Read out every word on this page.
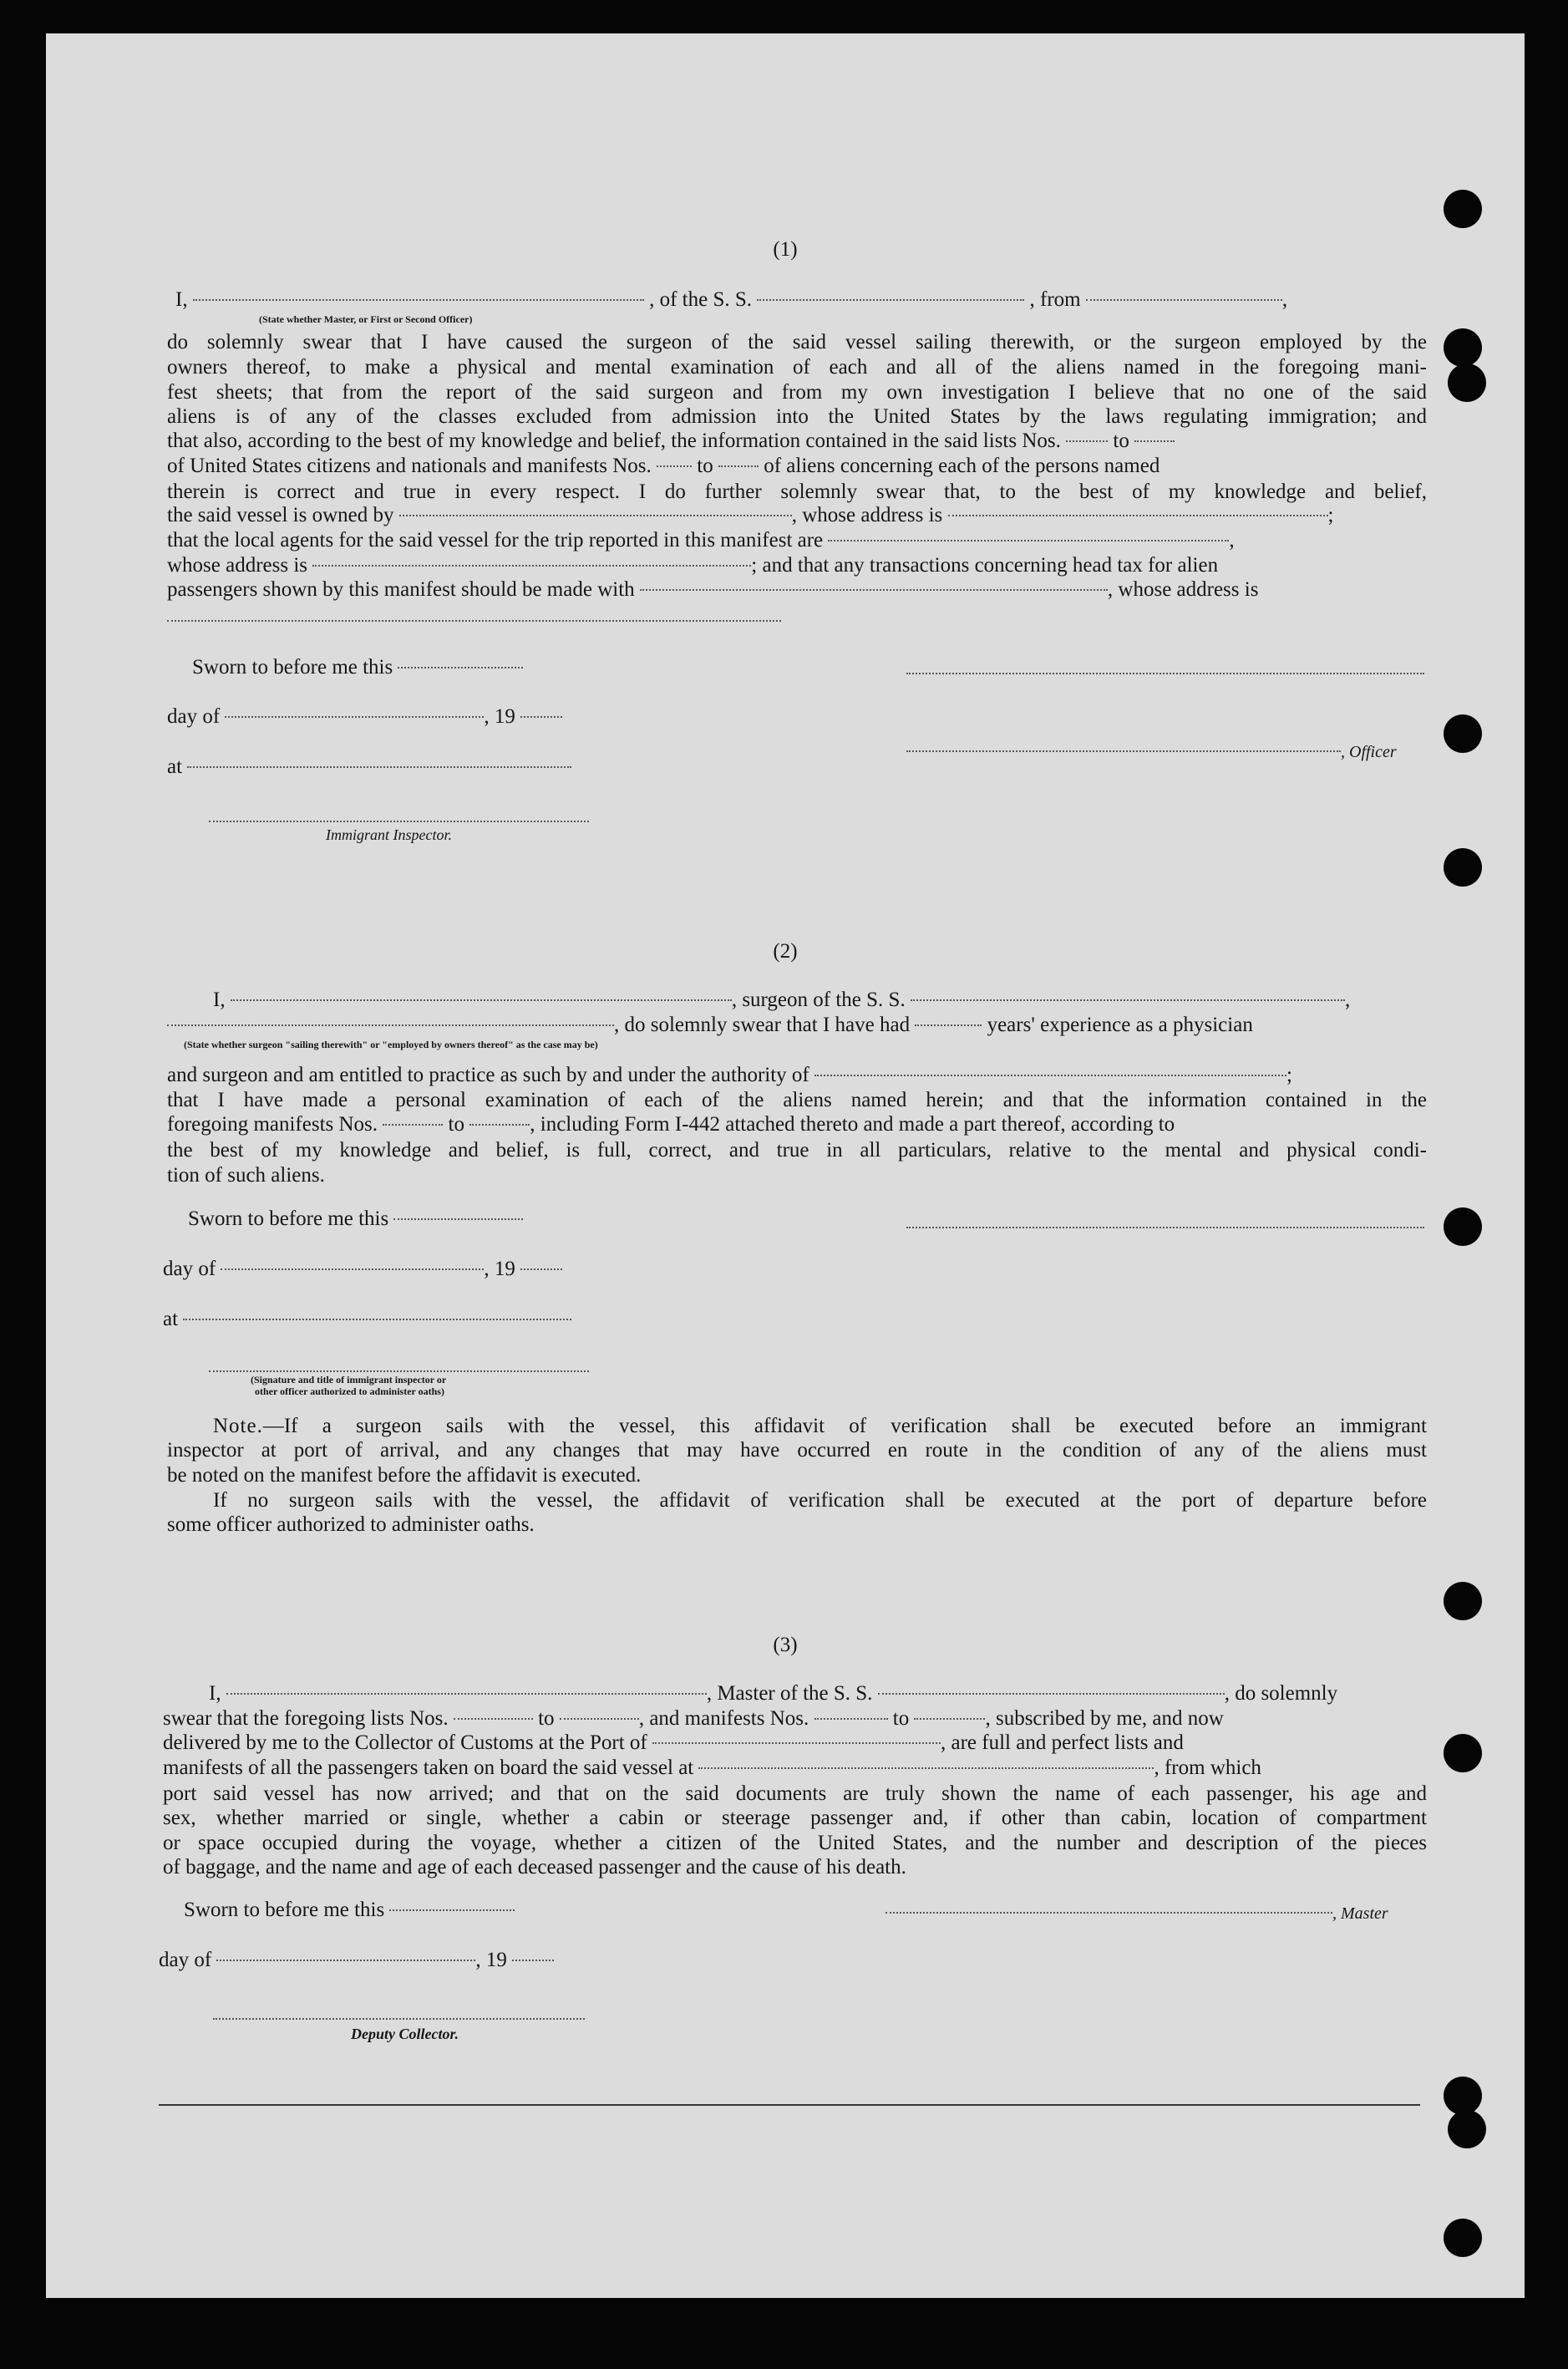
(1)
I,	, of the S. S.	, from	,
(State whether Master, or First or Second Officer)
do solemnly swear that I have caused the surgeon of the said vessel sailing therewith, or the surgeon employed by the
owners thereof, to make a physical and mental examination of each and all of the aliens named in the foregoing mani-
fest sheets; that from the report of the said surgeon and from my own investigation I believe that no one of the said
aliens is of any of the classes excluded from admission into the United States by the laws regulating immigration; and
that also, according to the best of my knowledge and belief, the information contained in the said lists Nos.	to
of United States citizens and nationals and manifests Nos. to of aliens concerning each of the persons named
therein is correct and true in every respect. I do further solemnly swear that, to the best of my knowledge and belief,
the said vessel is owned by	, whose address is	;
that the local agents for the said vessel for the trip reported in this manifest are	,
whose address is	; and that any transactions concerning head tax for alien
passengers shown by this manifest should be made with	, whose address is
Sworn to before me this
day of	, 19
, Officer
at
Immigrant Inspector.
(2)
I,	, surgeon of the S. S.	,
, do solemnly swear that I have had	years' experience as a physician
(State whether surgeon "sailing therewith" or "employed by owners thereof" as the case may be)
and surgeon and am entitled to practice as such by and under the authority of	;
that I have made a personal examination of each of the aliens named herein; and that the information contained in the
foregoing manifests Nos.	to	, including Form I-442 attached thereto and made a part thereof, according to
the best of my knowledge and belief, is full, correct, and true in all particulars, relative to the mental and physical condi-
tion of such aliens.
Sworn to before me this
day of	, 19
at
(Signature and title of immigrant inspector or
other officer authorized to administer oaths)
Note.—If a surgeon sails with the vessel, this affidavit of verification shall be executed before an immigrant
inspector at port of arrival, and any changes that may have occurred en route in the condition of any of the aliens must
be noted on the manifest before the affidavit is executed.
If no surgeon sails with the vessel, the affidavit of verification shall be executed at the port of departure before
some officer authorized to administer oaths.
(3)
I,	, Master of the S. S.	, do solemnly
swear that the foregoing lists Nos.	to	, and manifests Nos.	to	, subscribed by me, and now
delivered by me to the Collector of Customs at the Port of	, are full and perfect lists and
manifests of all the passengers taken on board the said vessel at	, from which
port said vessel has now arrived; and that on the said documents are truly shown the name of each passenger, his age and
sex, whether married or single, whether a cabin or steerage passenger and, if other than cabin, location of compartment
or space occupied during the voyage, whether a citizen of the United States, and the number and description of the pieces
of baggage, and the name and age of each deceased passenger and the cause of his death.
Sworn to before me this	, Master
day of	, 19
Deputy Collector.
